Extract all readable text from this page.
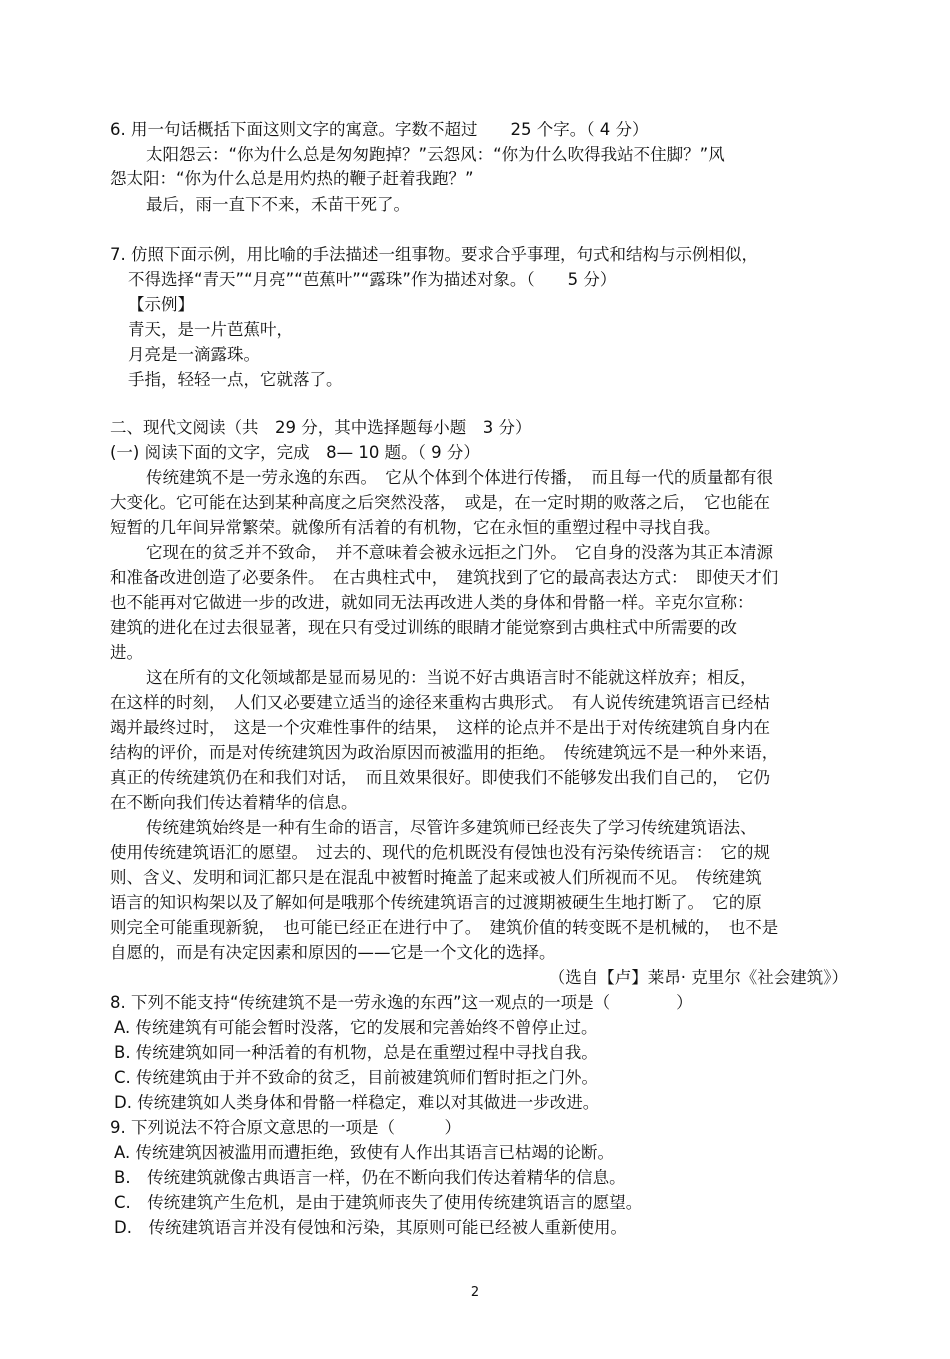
6. 用一句话概括下面这则文字的寓意。字数不超过　　25 个字。（ 4 分）
太阳怨云：“你为什么总是匆匆跑掉？”云怨风：“你为什么吹得我站不住脚？”风
怨太阳：“你为什么总是用灼热的鞭子赶着我跑？”
最后，雨一直下不来，禾苗干死了。
7. 仿照下面示例，用比喻的手法描述一组事物。要求合乎事理，句式和结构与示例相似，
不得选择“青天”“月亮”“芭蕉叶”“露珠”作为描述对象。（　　5 分）
【示例】
青天，是一片芭蕉叶，
月亮是一滴露珠。
手指，轻轻一点，它就落了。
二、现代文阅读（共　29 分，其中选择题每小题　3 分）
(一) 阅读下面的文字，完成　8— 10 题。（ 9 分）
传统建筑不是一劳永逸的东西。　它从个体到个体进行传播，　而且每一代的质量都有很
大变化。它可能在达到某种高度之后突然没落，　或是，在一定时期的败落之后，　它也能在
短暂的几年间异常繁荣。就像所有活着的有机物，它在永恒的重塑过程中寻找自我。
它现在的贫乏并不致命，　并不意味着会被永远拒之门外。　它自身的没落为其正本清源
和准备改进创造了必要条件。　在古典柱式中，　建筑找到了它的最高表达方式：　即使天才们
也不能再对它做进一步的改进，就如同无法再改进人类的身体和骨骼一样。辛克尔宣称：
建筑的进化在过去很显著，现在只有受过训练的眼睛才能觉察到古典柱式中所需要的改
进。
这在所有的文化领域都是显而易见的：当说不好古典语言时不能就这样放弃；相反，
在这样的时刻，　人们又必要建立适当的途径来重构古典形式。　有人说传统建筑语言已经枯
竭并最终过时，　这是一个灾难性事件的结果，　这样的论点并不是出于对传统建筑自身内在
结构的评价，而是对传统建筑因为政治原因而被滥用的拒绝。　传统建筑远不是一种外来语，
真正的传统建筑仍在和我们对话，　而且效果很好。即使我们不能够发出我们自己的，　它仍
在不断向我们传达着精华的信息。
传统建筑始终是一种有生命的语言，尽管许多建筑师已经丧失了学习传统建筑语法、
使用传统建筑语汇的愿望。　过去的、现代的危机既没有侵蚀也没有污染传统语言：　它的规
则、含义、发明和词汇都只是在混乱中被暂时掩盖了起来或被人们所视而不见。　传统建筑
语言的知识构架以及了解如何是哦那个传统建筑语言的过渡期被硬生生地打断了。　它的原
则完全可能重现新貌，　也可能已经正在进行中了。　建筑价值的转变既不是机械的，　也不是
自愿的，而是有决定因素和原因的——它是一个文化的选择。
（选自【卢】莱昂· 克里尔《社会建筑》）
8. 下列不能支持“传统建筑不是一劳永逸的东西”这一观点的一项是（　　　　）
A. 传统建筑有可能会暂时没落，它的发展和完善始终不曾停止过。
B. 传统建筑如同一种活着的有机物，总是在重塑过程中寻找自我。
C. 传统建筑由于并不致命的贫乏，目前被建筑师们暂时拒之门外。
D. 传统建筑如人类身体和骨骼一样稳定，难以对其做进一步改进。
9. 下列说法不符合原文意思的一项是（　　　）
A. 传统建筑因被滥用而遭拒绝，致使有人作出其语言已枯竭的论断。
B.　传统建筑就像古典语言一样，仍在不断向我们传达着精华的信息。
C.　传统建筑产生危机，是由于建筑师丧失了使用传统建筑语言的愿望。
D.　传统建筑语言并没有侵蚀和污染，其原则可能已经被人重新使用。
2
